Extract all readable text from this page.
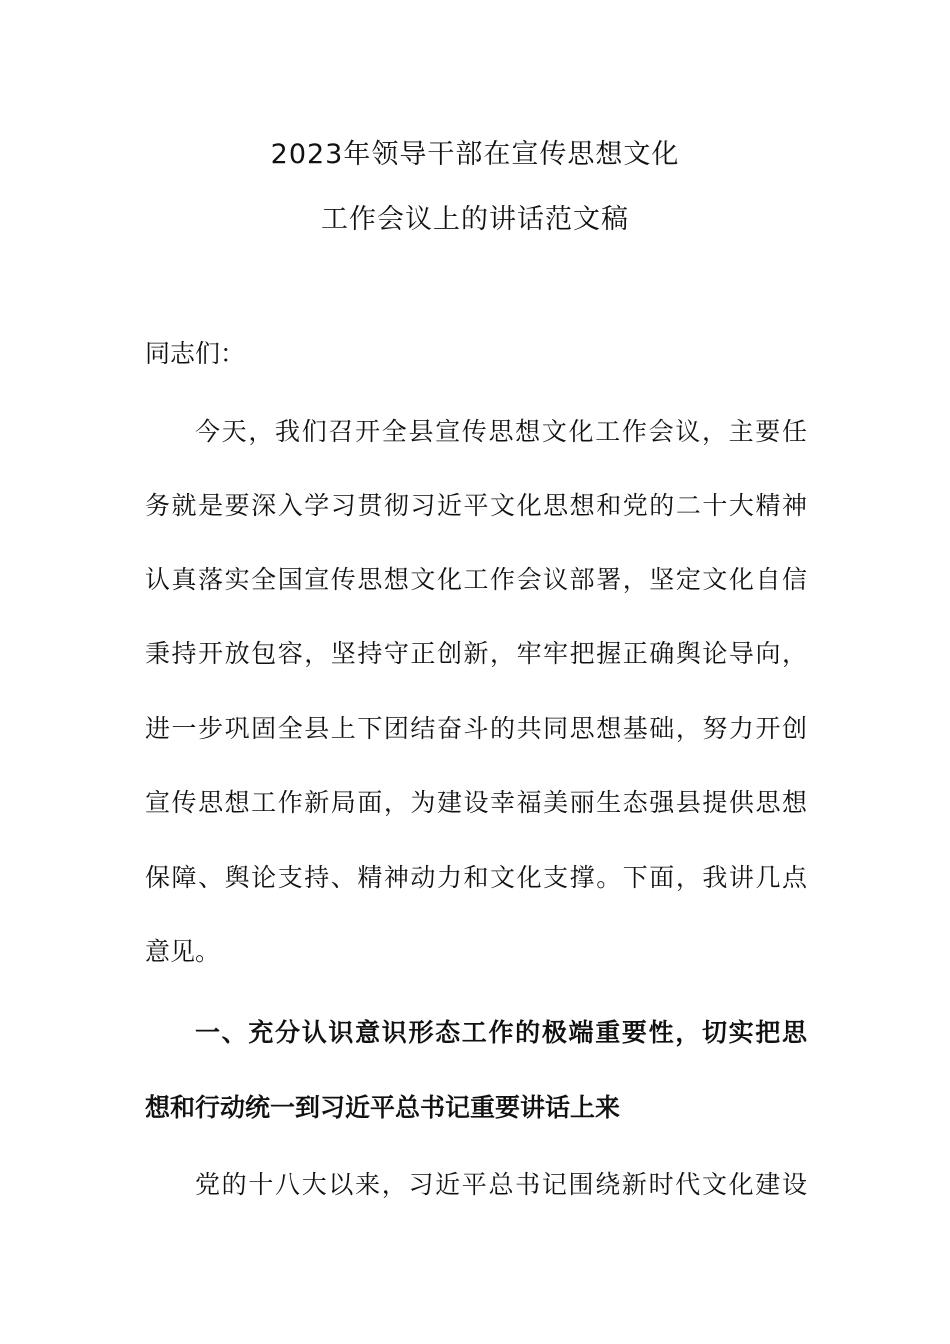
2023年领导干部在宣传思想文化
工作会议上的讲话范文稿
同志们：
今天，我们召开全县宣传思想文化工作会议，主要任
务就是要深入学习贯彻习近平文化思想和党的二十大精神
认真落实全国宣传思想文化工作会议部署，坚定文化自信
秉持开放包容，坚持守正创新，牢牢把握正确舆论导向，
进一步巩固全县上下团结奋斗的共同思想基础，努力开创
宣传思想工作新局面，为建设幸福美丽生态强县提供思想
保障、舆论支持、精神动力和文化支撑。下面，我讲几点
意见。
一、充分认识意识形态工作的极端重要性，切实把思
想和行动统一到习近平总书记重要讲话上来
党的十八大以来，习近平总书记围绕新时代文化建设
